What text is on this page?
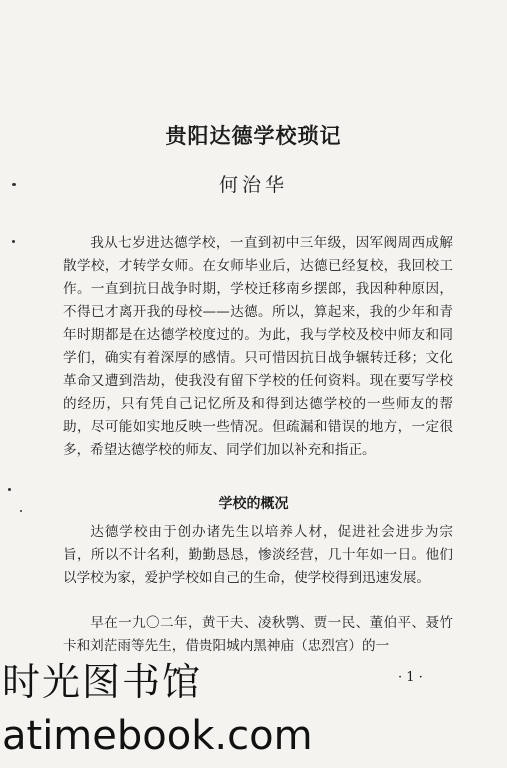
贵阳达德学校琐记
何治华

我从七岁进达德学校，一直到初中三年级，因军阀周西成解散学校，才转学女师。在女师毕业后，达德已经复校，我回校工作。一直到抗日战争时期，学校迁移南乡摆郎，我因种种原因，不得已才离开我的母校——达德。所以，算起来，我的少年和青年时期都是在达德学校度过的。为此，我与学校及校中师友和同学们，确实有着深厚的感情。只可惜因抗日战争辗转迁移；文化革命又遭到浩劫，使我没有留下学校的任何资料。现在要写学校的经历，只有凭自己记忆所及和得到达德学校的一些师友的帮助，尽可能如实地反映一些情况。但疏漏和错误的地方，一定很多，希望达德学校的师友、同学们加以补充和指正。

学校的概况

达德学校由于创办诸先生以培养人材，促进社会进步为宗旨，所以不计名利，勤勤恳恳，惨淡经营，几十年如一日。他们以学校为家，爱护学校如自己的生命，使学校得到迅速发展。

早在一九〇二年，黄干夫、凌秋鹗、贾一民、董伯平、聂竹卡和刘茫雨等先生，借贵阳城内黑神庙（忠烈宫）的一

· 1 ·
时光图书馆
atimebook.com
